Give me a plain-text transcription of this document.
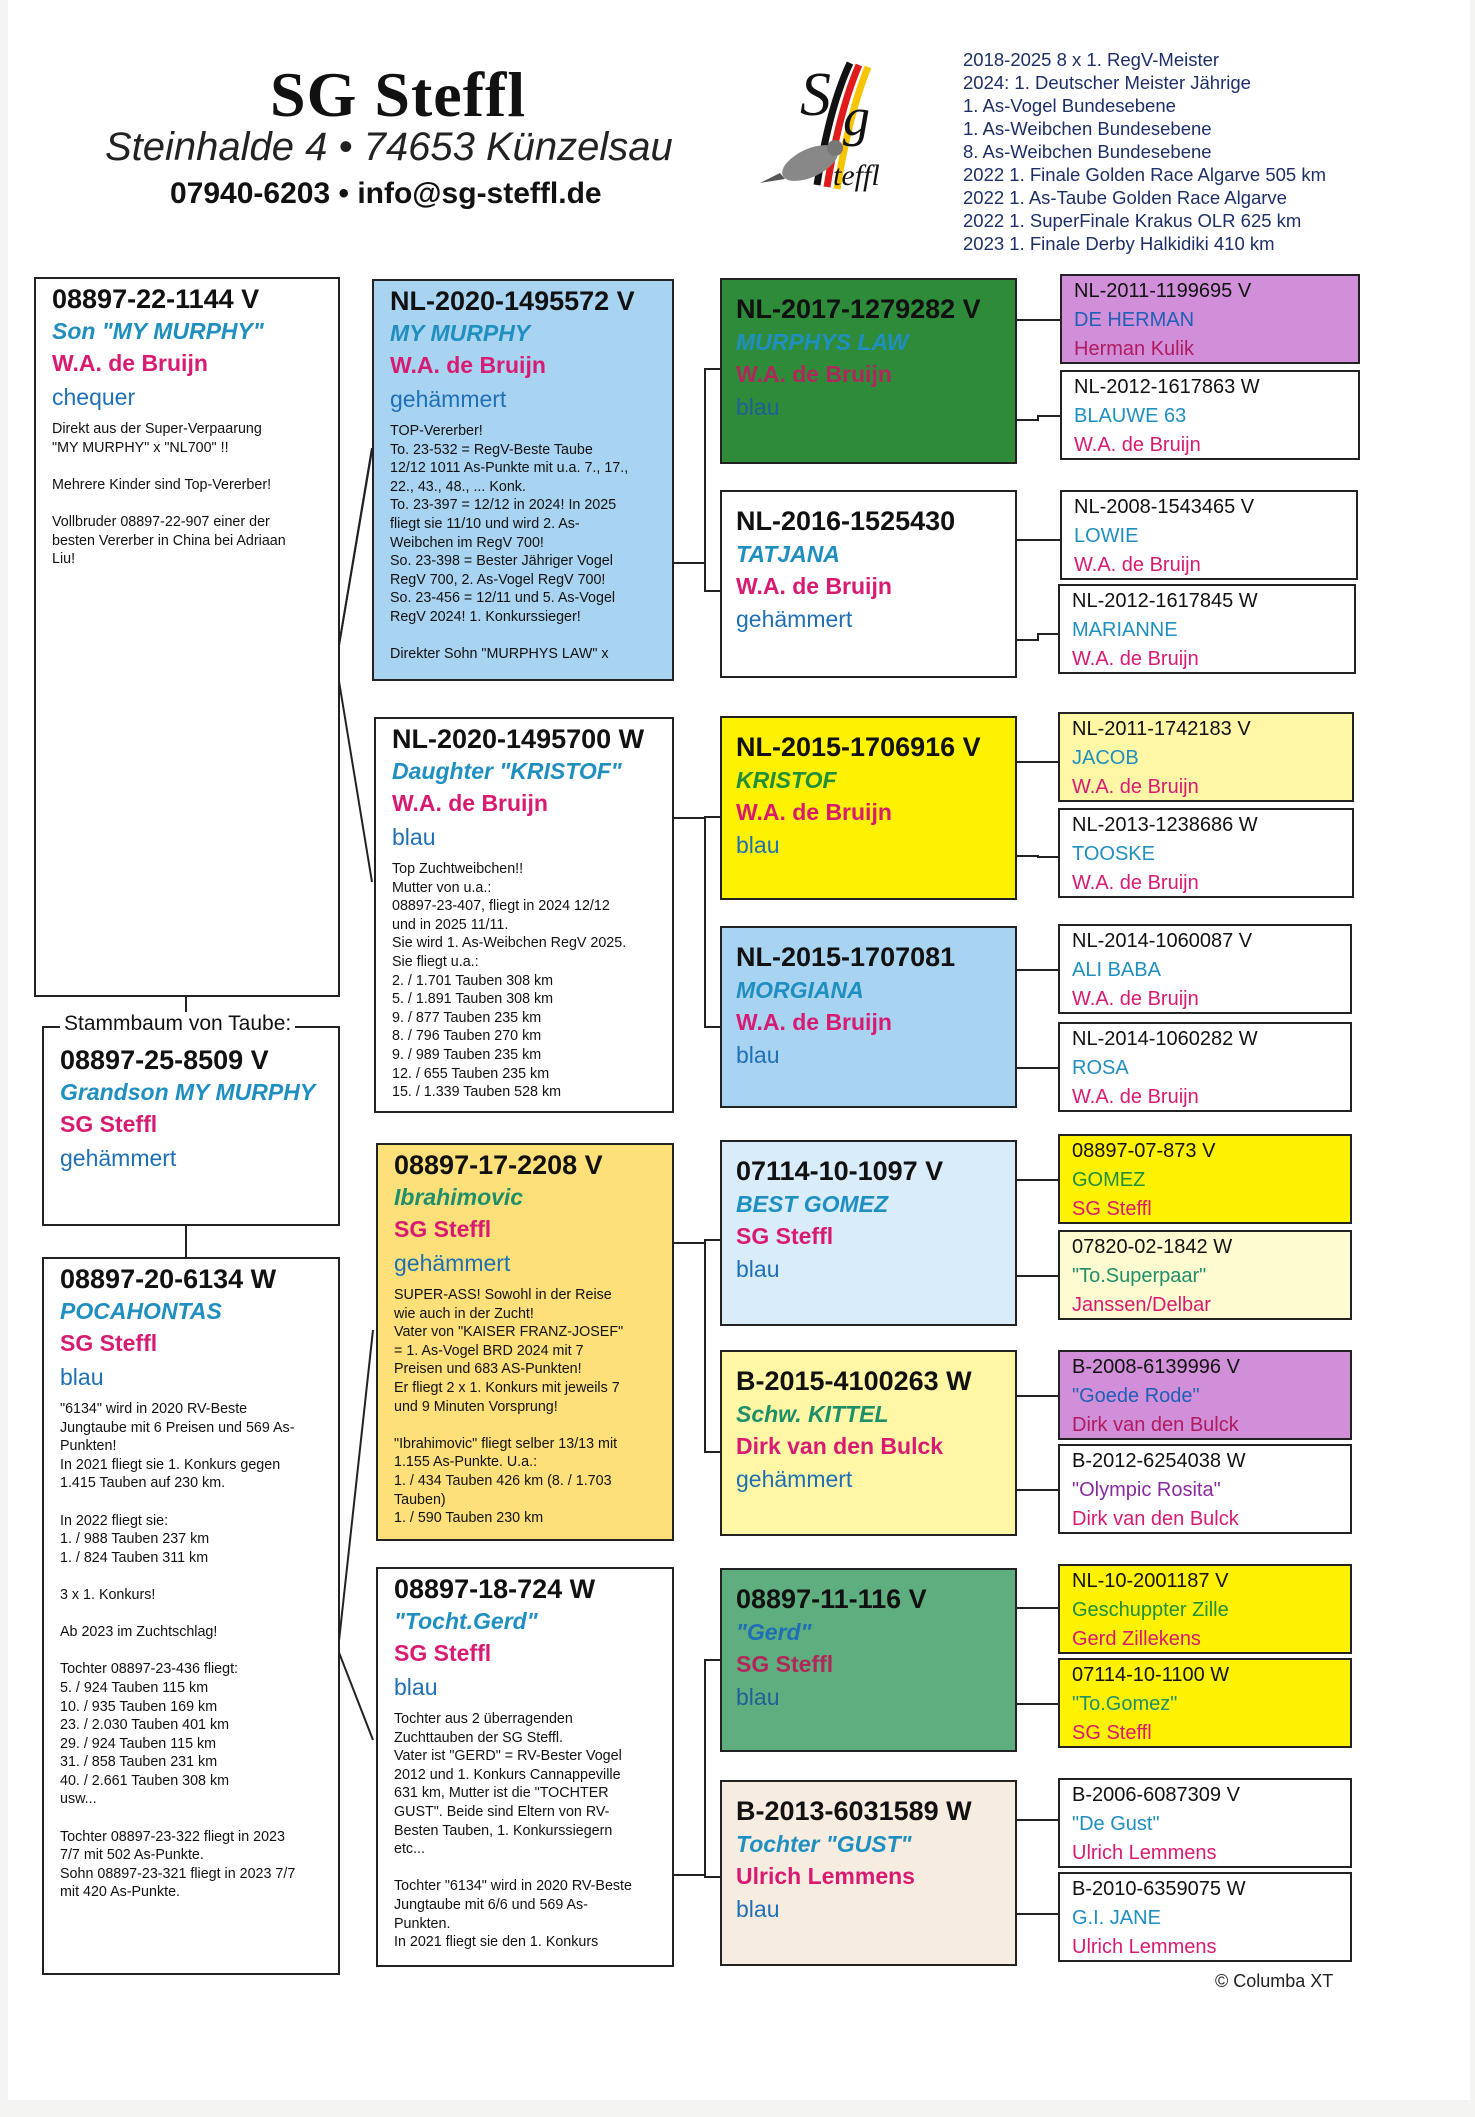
SG Steffl
Steinhalde 4 • 74653 Künzelsau
07940-6203 • info@sg-steffl.de
S g
teffl
2018-2025 8 x 1. RegV-Meister
2024: 1. Deutscher Meister Jährige
1. As-Vogel Bundesebene
1. As-Weibchen Bundesebene
8. As-Weibchen Bundesebene
2022 1. Finale Golden Race Algarve 505 km
2022 1. As-Taube Golden Race Algarve
2022 1. SuperFinale Krakus OLR 625 km
2023 1. Finale Derby Halkidiki 410 km
08897-22-1144 V
Son "MY MURPHY"
W.A. de Bruijn
chequer
Direkt aus der Super-Verpaarung
"MY MURPHY" x "NL700" !!

Mehrere Kinder sind Top-Vererber!

Vollbruder 08897-22-907 einer der
besten Vererber in China bei Adriaan
Liu!
08897-25-8509 V
Grandson MY MURPHY
SG Steffl
gehämmert
Stammbaum von Taube:
08897-20-6134 W
POCAHONTAS
SG Steffl
blau
"6134" wird in 2020 RV-Beste
Jungtaube mit 6 Preisen und 569 As-
Punkten!
In 2021 fliegt sie 1. Konkurs gegen
1.415 Tauben auf 230 km.

In 2022 fliegt sie:
1. / 988 Tauben 237 km
1. / 824 Tauben 311 km

3 x 1. Konkurs!

Ab 2023 im Zuchtschlag!

Tochter 08897-23-436 fliegt:
5. / 924 Tauben 115 km
10. / 935 Tauben 169 km
23. / 2.030 Tauben 401 km
29. / 924 Tauben 115 km
31. / 858 Tauben 231 km
40. / 2.661 Tauben 308 km
usw...

Tochter 08897-23-322 fliegt in 2023
7/7 mit 502 As-Punkte.
Sohn 08897-23-321 fliegt in 2023 7/7
mit 420 As-Punkte.
NL-2020-1495572 V
MY MURPHY
W.A. de Bruijn
gehämmert
TOP-Vererber!
To. 23-532 = RegV-Beste Taube
12/12 1011 As-Punkte mit u.a. 7., 17.,
22., 43., 48., ... Konk.
To. 23-397 = 12/12 in 2024! In 2025
fliegt sie 11/10 und wird 2. As-
Weibchen im RegV 700!
So. 23-398 = Bester Jähriger Vogel
RegV 700, 2. As-Vogel RegV 700!
So. 23-456 = 12/11 und 5. As-Vogel
RegV 2024! 1. Konkurssieger!

Direkter Sohn "MURPHYS LAW" x
NL-2020-1495700 W
Daughter "KRISTOF"
W.A. de Bruijn
blau
Top Zuchtweibchen!!
Mutter von u.a.:
08897-23-407, fliegt in 2024 12/12
und in 2025 11/11.
Sie wird 1. As-Weibchen RegV 2025.
Sie fliegt u.a.:
2. / 1.701 Tauben 308 km
5. / 1.891 Tauben 308 km
9. / 877 Tauben 235 km
8. / 796 Tauben 270 km
9. / 989 Tauben 235 km
12. / 655 Tauben 235 km
15. / 1.339 Tauben 528 km
08897-17-2208 V
Ibrahimovic
SG Steffl
gehämmert
SUPER-ASS! Sowohl in der Reise
wie auch in der Zucht!
Vater von "KAISER FRANZ-JOSEF"
= 1. As-Vogel BRD 2024 mit 7
Preisen und 683 AS-Punkten!
Er fliegt 2 x 1. Konkurs mit jeweils 7
und 9 Minuten Vorsprung!

"Ibrahimovic" fliegt selber 13/13 mit
1.155 As-Punkte. U.a.:
1. / 434 Tauben 426 km (8. / 1.703
Tauben)
1. / 590 Tauben 230 km
08897-18-724 W
"Tocht.Gerd"
SG Steffl
blau
Tochter aus 2 überragenden
Zuchttauben der SG Steffl.
Vater ist "GERD" = RV-Bester Vogel
2012 und 1. Konkurs Cannappeville
631 km, Mutter ist die "TOCHTER
GUST". Beide sind Eltern von RV-
Besten Tauben, 1. Konkurssiegern
etc...

Tochter "6134" wird in 2020 RV-Beste
Jungtaube mit 6/6 und 569 As-
Punkten.
In 2021 fliegt sie den 1. Konkurs
NL-2017-1279282 V
MURPHYS LAW
W.A. de Bruijn
blau
NL-2016-1525430
TATJANA
W.A. de Bruijn
gehämmert
NL-2015-1706916 V
KRISTOF
W.A. de Bruijn
blau
NL-2015-1707081
MORGIANA
W.A. de Bruijn
blau
07114-10-1097 V
BEST GOMEZ
SG Steffl
blau
B-2015-4100263 W
Schw. KITTEL
Dirk van den Bulck
gehämmert
08897-11-116 V
"Gerd"
SG Steffl
blau
B-2013-6031589 W
Tochter "GUST"
Ulrich Lemmens
blau
NL-2011-1199695 V
DE HERMAN
Herman Kulik
NL-2012-1617863 W
BLAUWE 63
W.A. de Bruijn
NL-2008-1543465 V
LOWIE
W.A. de Bruijn
NL-2012-1617845 W
MARIANNE
W.A. de Bruijn
NL-2011-1742183 V
JACOB
W.A. de Bruijn
NL-2013-1238686 W
TOOSKE
W.A. de Bruijn
NL-2014-1060087 V
ALI BABA
W.A. de Bruijn
NL-2014-1060282 W
ROSA
W.A. de Bruijn
08897-07-873 V
GOMEZ
SG Steffl
07820-02-1842 W
"To.Superpaar"
Janssen/Delbar
B-2008-6139996 V
"Goede Rode"
Dirk van den Bulck
B-2012-6254038 W
"Olympic Rosita"
Dirk van den Bulck
NL-10-2001187 V
Geschuppter Zille
Gerd Zillekens
07114-10-1100 W
"To.Gomez"
SG Steffl
B-2006-6087309 V
"De Gust"
Ulrich Lemmens
B-2010-6359075 W
G.I. JANE
Ulrich Lemmens
© Columba XT
